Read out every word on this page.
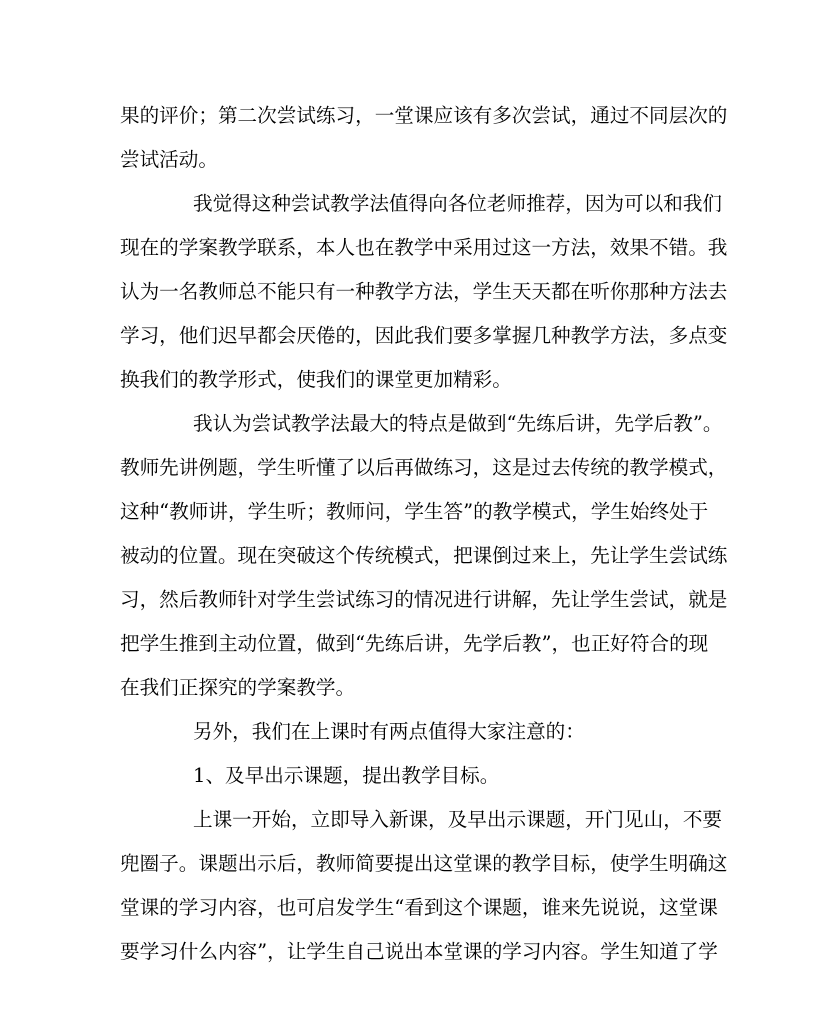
果的评价；第二次尝试练习，一堂课应该有多次尝试，通过不同层次的
尝试活动。
我觉得这种尝试教学法值得向各位老师推荐，因为可以和我们
现在的学案教学联系，本人也在教学中采用过这一方法，效果不错。我
认为一名教师总不能只有一种教学方法，学生天天都在听你那种方法去
学习，他们迟早都会厌倦的，因此我们要多掌握几种教学方法，多点变
换我们的教学形式，使我们的课堂更加精彩。
我认为尝试教学法最大的特点是做到“先练后讲，先学后教”。
教师先讲例题，学生听懂了以后再做练习，这是过去传统的教学模式，
这种“教师讲，学生听；教师问，学生答”的教学模式，学生始终处于
被动的位置。现在突破这个传统模式，把课倒过来上，先让学生尝试练
习，然后教师针对学生尝试练习的情况进行讲解，先让学生尝试，就是
把学生推到主动位置，做到“先练后讲，先学后教”，也正好符合的现
在我们正探究的学案教学。
另外，我们在上课时有两点值得大家注意的：
1、及早出示课题，提出教学目标。
上课一开始，立即导入新课，及早出示课题，开门见山，不要
兜圈子。课题出示后，教师简要提出这堂课的教学目标，使学生明确这
堂课的学习内容，也可启发学生“看到这个课题，谁来先说说，这堂课
要学习什么内容”，让学生自己说出本堂课的学习内容。学生知道了学
